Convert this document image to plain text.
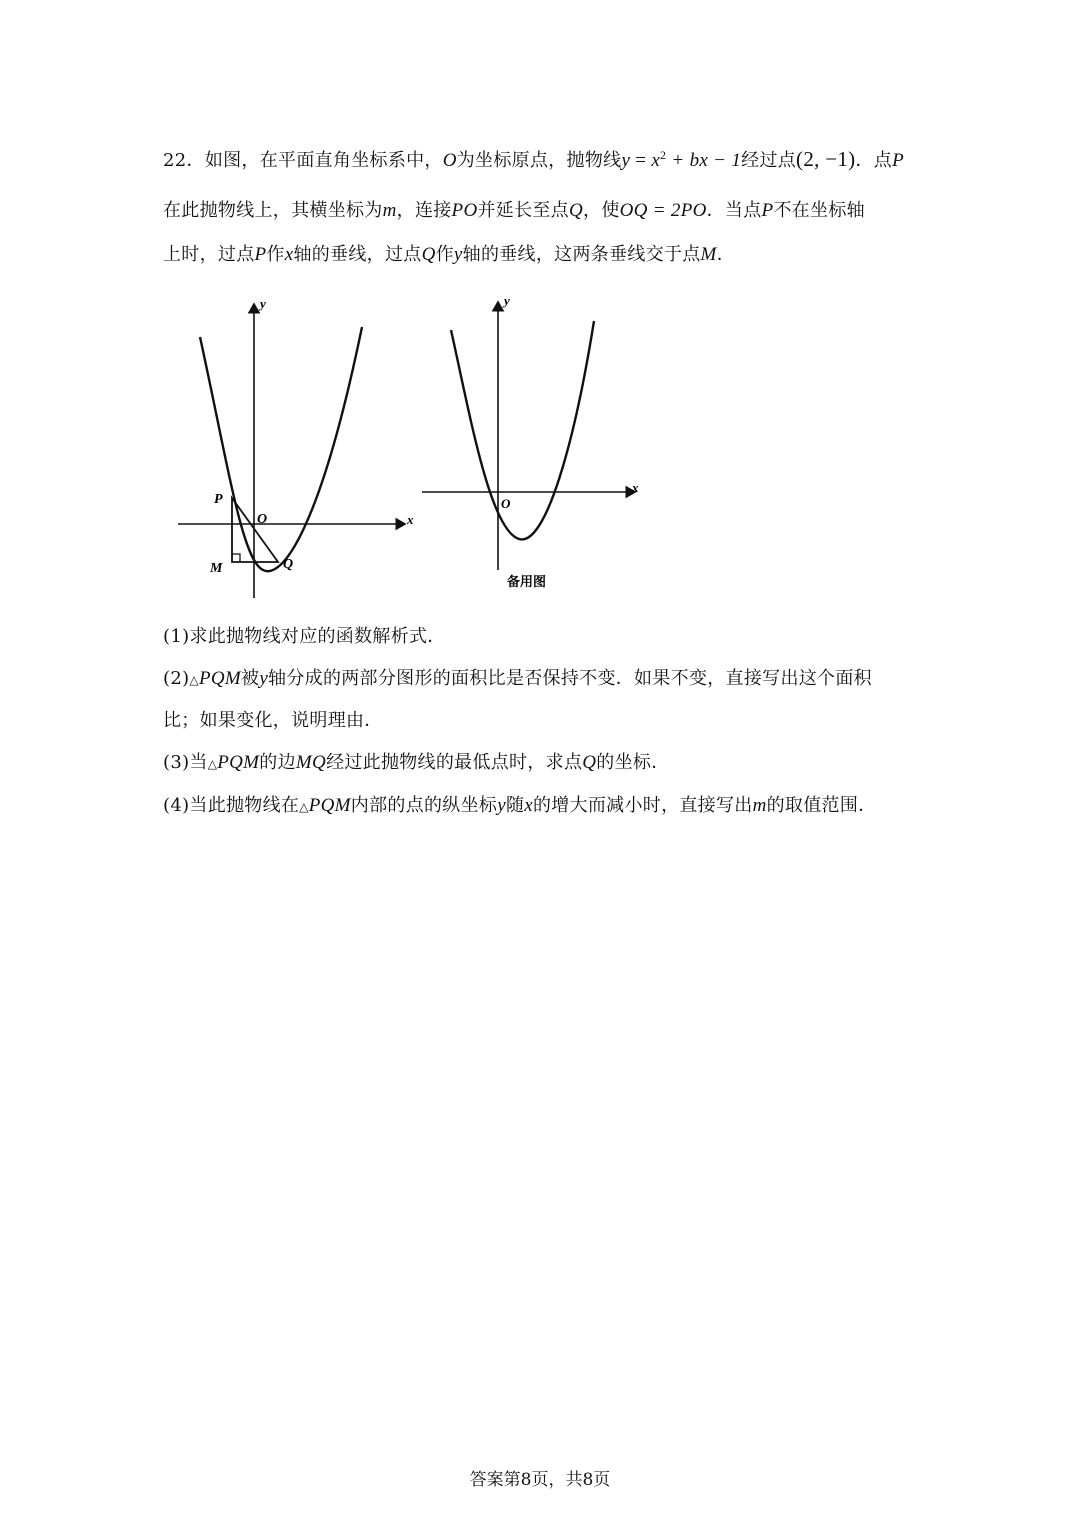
22．如图，在平面直角坐标系中，O为坐标原点，抛物线$y = x^2$ + bx − 1经过点(2, −1)．点P
在此抛物线上，其横坐标为m，连接PO并延长至点Q，使OQ = 2PO．当点P不在坐标轴
上时，过点P作x轴的垂线，过点Q作y轴的垂线，这两条垂线交于点M．
y
x
O
P
M	Q
y
x
O
备用图
(1)求此抛物线对应的函数解析式．
(2)△PQM被y轴分成的两部分图形的面积比是否保持不变．如果不变，直接写出这个面积
比；如果变化，说明理由．
(3)当△PQM的边MQ经过此抛物线的最低点时，求点Q的坐标．
(4)当此抛物线在△PQM内部的点的纵坐标y随x的增大而减小时，直接写出m的取值范围．
答案第8页，共8页
